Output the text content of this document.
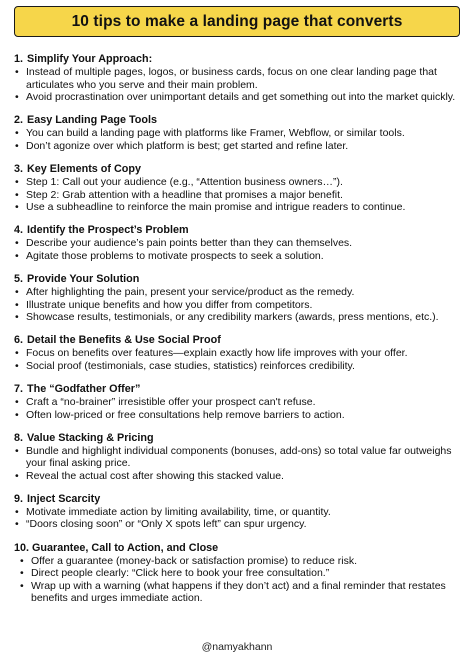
10 tips to make a landing page that converts
1. Simplify Your Approach:
• Instead of multiple pages, logos, or business cards, focus on one clear landing page that articulates who you serve and their main problem.
• Avoid procrastination over unimportant details and get something out into the market quickly.
2. Easy Landing Page Tools
• You can build a landing page with platforms like Framer, Webflow, or similar tools.
• Don’t agonize over which platform is best; get started and refine later.
3. Key Elements of Copy
• Step 1: Call out your audience (e.g., “Attention business owners…”).
• Step 2: Grab attention with a headline that promises a major benefit.
• Use a subheadline to reinforce the main promise and intrigue readers to continue.
4. Identify the Prospect’s Problem
• Describe your audience’s pain points better than they can themselves.
• Agitate those problems to motivate prospects to seek a solution.
5. Provide Your Solution
• After highlighting the pain, present your service/product as the remedy.
• Illustrate unique benefits and how you differ from competitors.
• Showcase results, testimonials, or any credibility markers (awards, press mentions, etc.).
6. Detail the Benefits & Use Social Proof
• Focus on benefits over features—explain exactly how life improves with your offer.
• Social proof (testimonials, case studies, statistics) reinforces credibility.
7. The “Godfather Offer”
• Craft a “no-brainer” irresistible offer your prospect can't refuse.
• Often low-priced or free consultations help remove barriers to action.
8. Value Stacking & Pricing
• Bundle and highlight individual components (bonuses, add-ons) so total value far outweighs your final asking price.
• Reveal the actual cost after showing this stacked value.
9. Inject Scarcity
• Motivate immediate action by limiting availability, time, or quantity.
• “Doors closing soon” or “Only X spots left” can spur urgency.
10. Guarantee, Call to Action, and Close
• Offer a guarantee (money-back or satisfaction promise) to reduce risk.
• Direct people clearly: “Click here to book your free consultation.”
• Wrap up with a warning (what happens if they don’t act) and a final reminder that restates benefits and urges immediate action.
@namyakhann
